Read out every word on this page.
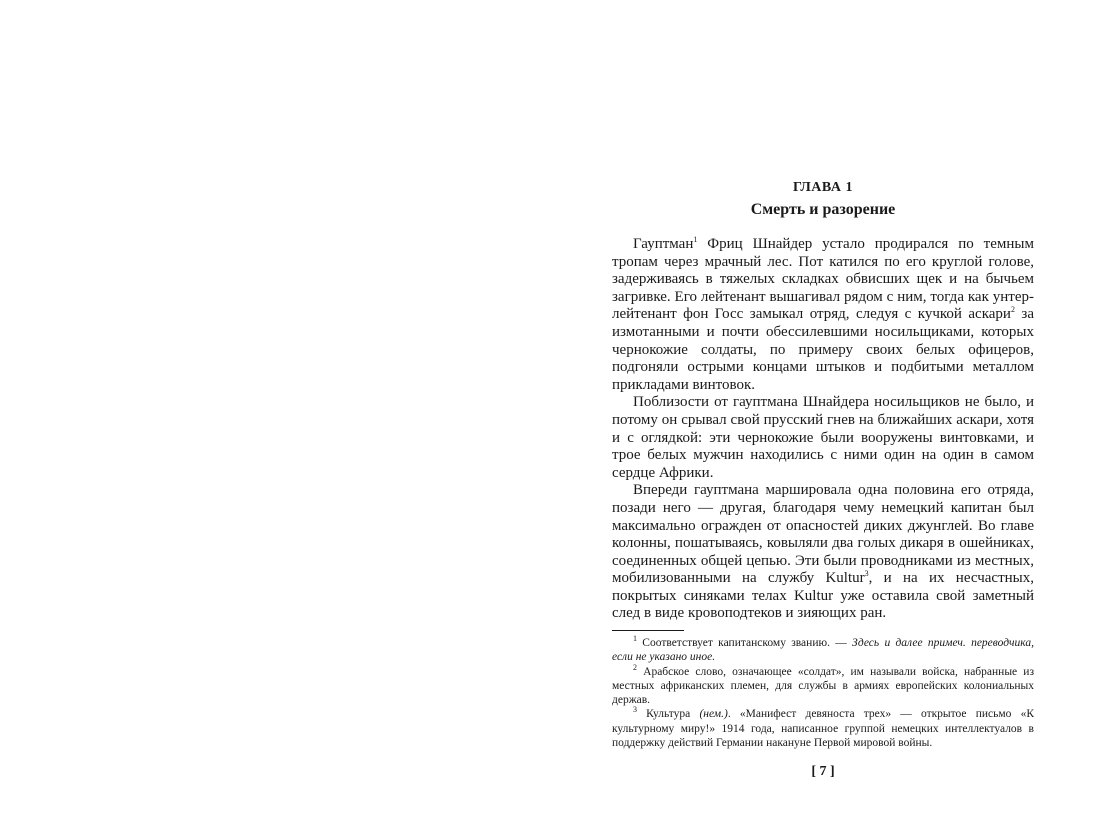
ГЛАВА 1
Смерть и разорение

Гауптман$^1$ Фриц Шнайдер устало продирался по темным тропам через мрачный лес. Пот катился по его круглой голове, задерживаясь в тяжелых складках обвисших щек и на бычьем загривке. Его лейтенант вышагивал рядом с ним, тогда как унтер-лейтенант фон Госс замыкал отряд, следуя с кучкой аскари$^2$ за измотанными и почти обессилевшими носильщиками, которых чернокожие солдаты, по примеру своих белых офицеров, подгоняли острыми концами штыков и подбитыми металлом прикладами винтовок.

Поблизости от гауптмана Шнайдера носильщиков не было, и потому он срывал свой прусский гнев на ближайших аскари, хотя и с оглядкой: эти чернокожие были вооружены винтовками, и трое белых мужчин находились с ними один на один в самом сердце Африки.

Впереди гауптмана маршировала одна половина его отряда, позади него — другая, благодаря чему немецкий капитан был максимально огражден от опасностей диких джунглей. Во главе колонны, пошатываясь, ковыляли два голых дикаря в ошейниках, соединенных общей цепью. Эти были проводниками из местных, мобилизованными на службу Kultur$^3$, и на их несчастных, покрытых синяками телах Kultur уже оставила свой заметный след в виде кровоподтеков и зияющих ран.

$^1$ Соответствует капитанскому званию. — Здесь и далее примеч. переводчика, если не указано иное.

$^2$ Арабское слово, означающее «солдат», им называли войска, набранные из местных африканских племен, для службы в армиях европейских колониальных держав.

$^3$ Культура (нем.). «Манифест девяноста трех» — открытое письмо «К культурному миру!» 1914 года, написанное группой немецких интеллектуалов в поддержку действий Германии накануне Первой мировой войны.

[ 7 ]
